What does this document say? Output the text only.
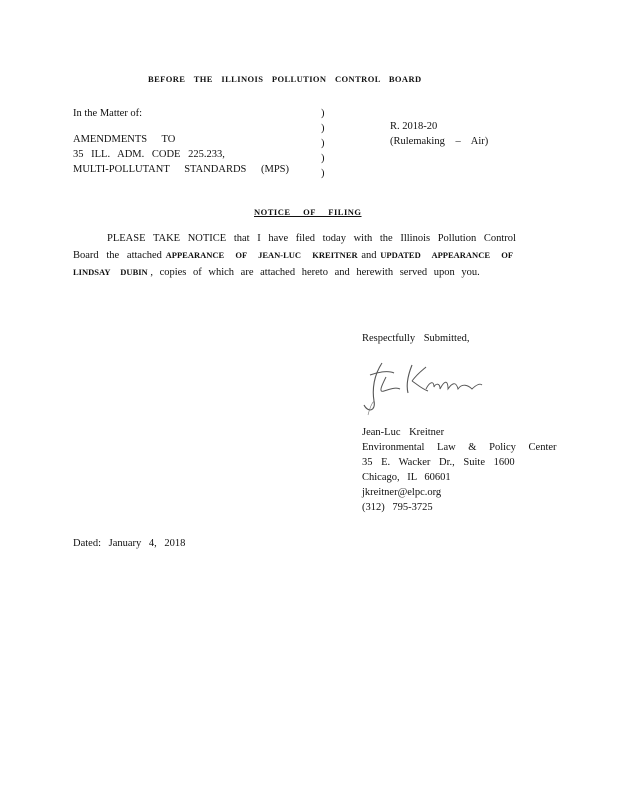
BEFORE THE ILLINOIS POLLUTION CONTROL BOARD
In the Matter of:
AMENDMENTS TO
35 ILL. ADM. CODE 225.233,
MULTI-POLLUTANT STANDARDS (MPS)
)
)
)
)
)
R. 2018-20
(Rulemaking – Air)
NOTICE OF FILING
PLEASE TAKE NOTICE that I have filed today with the Illinois Pollution Control
Board the attached APPEARANCE OF JEAN-LUC KREITNER and UPDATED APPEARANCE OF LINDSAY DUBIN , copies of which are attached hereto and herewith served upon you.
Respectfully Submitted,
Jean-Luc Kreitner
Environmental Law & Policy Center
35 E. Wacker Dr., Suite 1600
Chicago, IL 60601
jkreitner@elpc.org
(312) 795-3725
Dated: January 4, 2018
